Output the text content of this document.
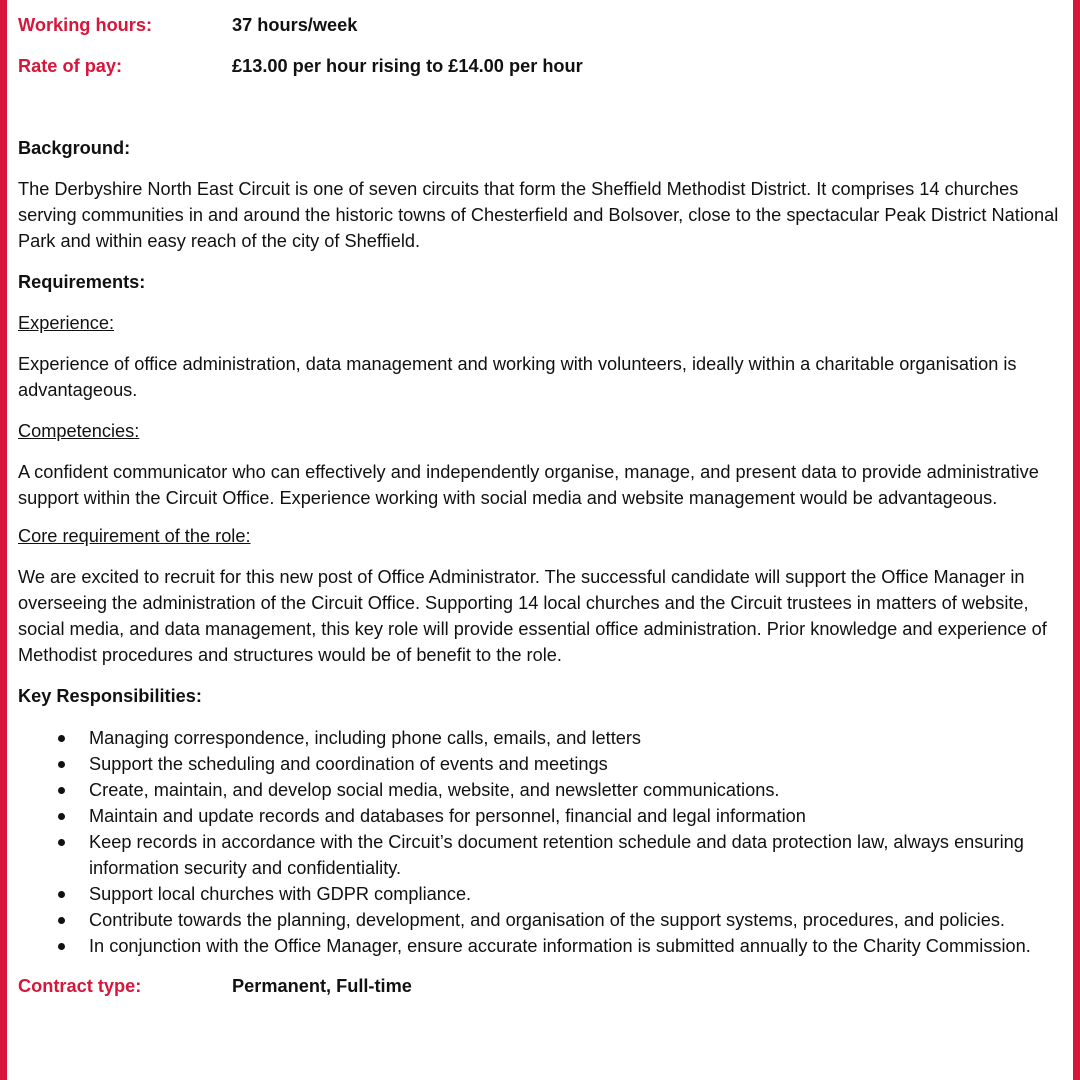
Working hours:	37 hours/week
Rate of pay:	£13.00 per hour rising to £14.00 per hour

Background:

The Derbyshire North East Circuit is one of seven circuits that form the Sheffield Methodist District. It comprises 14 churches serving communities in and around the historic towns of Chesterfield and Bolsover, close to the spectacular Peak District National Park and within easy reach of the city of Sheffield.

Requirements:

Experience:

Experience of office administration, data management and working with volunteers, ideally within a charitable organisation is advantageous.

Competencies:

A confident communicator who can effectively and independently organise, manage, and present data to provide administrative support within the Circuit Office. Experience working with social media and website management would be advantageous.

Core requirement of the role:

We are excited to recruit for this new post of Office Administrator. The successful candidate will support the Office Manager in overseeing the administration of the Circuit Office. Supporting 14 local churches and the Circuit trustees in matters of website, social media, and data management, this key role will provide essential office administration. Prior knowledge and experience of Methodist procedures and structures would be of benefit to the role.

Key Responsibilities:

Managing correspondence, including phone calls, emails, and letters
Support the scheduling and coordination of events and meetings
Create, maintain, and develop social media, website, and newsletter communications.
Maintain and update records and databases for personnel, financial and legal information
Keep records in accordance with the Circuit’s document retention schedule and data protection law, always ensuring information security and confidentiality.
Support local churches with GDPR compliance.
Contribute towards the planning, development, and organisation of the support systems, procedures, and policies.
In conjunction with the Office Manager, ensure accurate information is submitted annually to the Charity Commission.
Contract type:	Permanent, Full-time
